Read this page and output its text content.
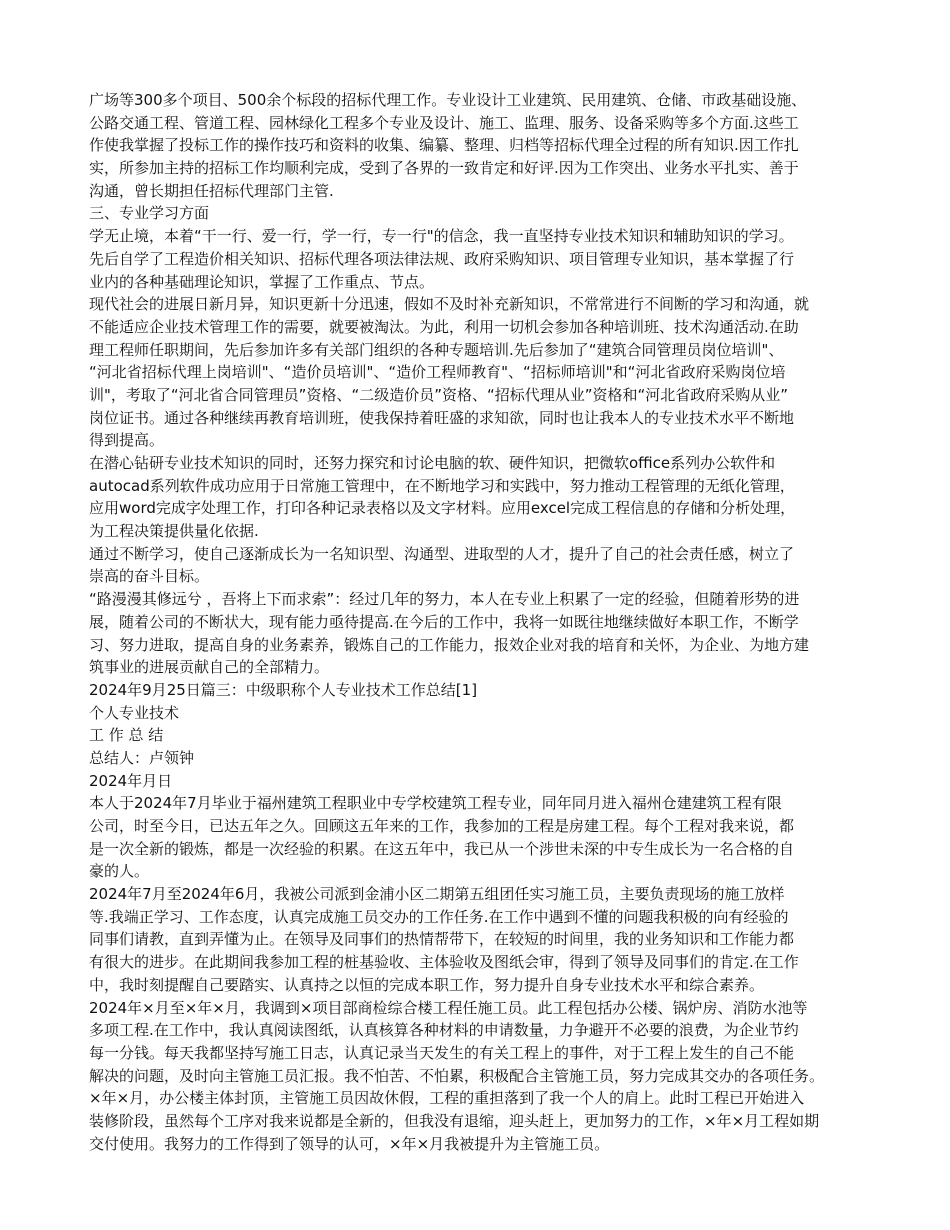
广场等300多个项目、500余个标段的招标代理工作。专业设计工业建筑、民用建筑、仓储、市政基础设施、
公路交通工程、管道工程、园林绿化工程多个专业及设计、施工、监理、服务、设备采购等多个方面.这些工
作使我掌握了投标工作的操作技巧和资料的收集、编纂、整理、归档等招标代理全过程的所有知识.因工作扎
实，所参加主持的招标工作均顺利完成，受到了各界的一致肯定和好评.因为工作突出、业务水平扎实、善于
沟通，曾长期担任招标代理部门主管.
三、专业学习方面
学无止境，本着“干一行、爱一行，学一行，专一行"的信念，我一直坚持专业技术知识和辅助知识的学习。
先后自学了工程造价相关知识、招标代理各项法律法规、政府采购知识、项目管理专业知识，基本掌握了行
业内的各种基础理论知识，掌握了工作重点、节点。
现代社会的进展日新月异，知识更新十分迅速，假如不及时补充新知识，不常常进行不间断的学习和沟通，就
不能适应企业技术管理工作的需要，就要被淘汰。为此，利用一切机会参加各种培训班、技术沟通活动.在助
理工程师任职期间，先后参加许多有关部门组织的各种专题培训.先后参加了“建筑合同管理员岗位培训"、
“河北省招标代理上岗培训"、“造价员培训"、“造价工程师教育"、“招标师培训"和“河北省政府采购岗位培
训"，考取了“河北省合同管理员”资格、“二级造价员”资格、“招标代理从业”资格和“河北省政府采购从业”
岗位证书。通过各种继续再教育培训班，使我保持着旺盛的求知欲，同时也让我本人的专业技术水平不断地
得到提高。
在潜心钻研专业技术知识的同时，还努力探究和讨论电脑的软、硬件知识，把微软office系列办公软件和
autocad系列软件成功应用于日常施工管理中，在不断地学习和实践中，努力推动工程管理的无纸化管理，
应用word完成字处理工作，打印各种记录表格以及文字材料。应用excel完成工程信息的存储和分析处理，
为工程决策提供量化依据.
通过不断学习，使自己逐渐成长为一名知识型、沟通型、进取型的人才，提升了自己的社会责任感，树立了
崇高的奋斗目标。
“路漫漫其修远兮 ，吾将上下而求索”：经过几年的努力，本人在专业上积累了一定的经验，但随着形势的进
展，随着公司的不断状大，现有能力亟待提高.在今后的工作中，我将一如既往地继续做好本职工作，不断学
习、努力进取，提高自身的业务素养，锻炼自己的工作能力，报效企业对我的培育和关怀，为企业、为地方建
筑事业的进展贡献自己的全部精力。
2024年9月25日篇三：中级职称个人专业技术工作总结[1]
个人专业技术
工 作 总 结
总结人：卢领钟
2024年月日
本人于2024年7月毕业于福州建筑工程职业中专学校建筑工程专业，同年同月进入福州仓建建筑工程有限
公司，时至今日，已达五年之久。回顾这五年来的工作，我参加的工程是房建工程。每个工程对我来说，都
是一次全新的锻炼，都是一次经验的积累。在这五年中，我已从一个涉世未深的中专生成长为一名合格的自
豪的人。
2024年7月至2024年6月，我被公司派到金浦小区二期第五组团任实习施工员，主要负责现场的施工放样
等.我端正学习、工作态度，认真完成施工员交办的工作任务.在工作中遇到不懂的问题我积极的向有经验的
同事们请教，直到弄懂为止。在领导及同事们的热情帮带下，在较短的时间里，我的业务知识和工作能力都
有很大的进步。在此期间我参加工程的桩基验收、主体验收及图纸会审，得到了领导及同事们的肯定.在工作
中，我时刻提醒自己要踏实、认真持之以恒的完成本职工作，努力提升自身专业技术水平和综合素养。
2024年×月至×年×月，我调到×项目部商检综合楼工程任施工员。此工程包括办公楼、锅炉房、消防水池等
多项工程.在工作中，我认真阅读图纸，认真核算各种材料的申请数量，力争避开不必要的浪费，为企业节约
每一分钱。每天我都坚持写施工日志，认真记录当天发生的有关工程上的事件，对于工程上发生的自己不能
解决的问题，及时向主管施工员汇报。我不怕苦、不怕累，积极配合主管施工员，努力完成其交办的各项任务。
×年×月，办公楼主体封顶，主管施工员因故休假，工程的重担落到了我一个人的肩上。此时工程已开始进入
装修阶段，虽然每个工序对我来说都是全新的，但我没有退缩，迎头赶上，更加努力的工作，×年×月工程如期
交付使用。我努力的工作得到了领导的认可，×年×月我被提升为主管施工员。
